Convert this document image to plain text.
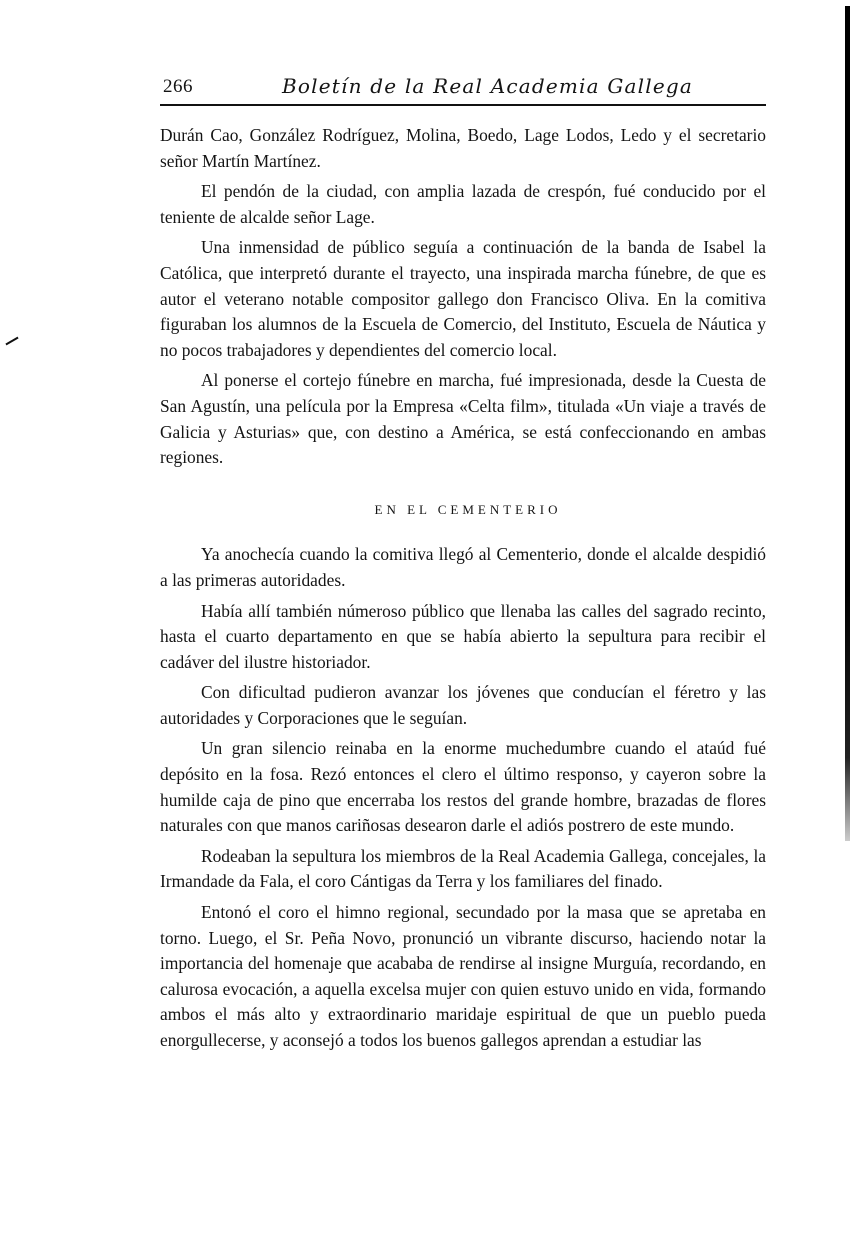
266	Boletín de la Real Academia Gallega

Durán Cao, González Rodríguez, Molina, Boedo, Lage Lodos, Ledo y el secretario señor Martín Martínez.

El pendón de la ciudad, con amplia lazada de crespón, fué conducido por el teniente de alcalde señor Lage.

Una inmensidad de público seguía a continuación de la banda de Isabel la Católica, que interpretó durante el trayecto, una inspirada marcha fúnebre, de que es autor el veterano notable compositor gallego don Francisco Oliva. En la comitiva figuraban los alumnos de la Escuela de Comercio, del Instituto, Escuela de Náutica y no pocos trabajadores y dependientes del comercio local.

Al ponerse el cortejo fúnebre en marcha, fué impresionada, desde la Cuesta de San Agustín, una película por la Empresa «Celta film», titulada «Un viaje a través de Galicia y Asturias» que, con destino a América, se está confeccionando en ambas regiones.

EN EL CEMENTERIO

Ya anochecía cuando la comitiva llegó al Cementerio, donde el alcalde despidió a las primeras autoridades.

Había allí también númeroso público que llenaba las calles del sagrado recinto, hasta el cuarto departamento en que se había abierto la sepultura para recibir el cadáver del ilustre historiador.

Con dificultad pudieron avanzar los jóvenes que conducían el féretro y las autoridades y Corporaciones que le seguían.

Un gran silencio reinaba en la enorme muchedumbre cuando el ataúd fué depósito en la fosa. Rezó entonces el clero el último responso, y cayeron sobre la humilde caja de pino que encerraba los restos del grande hombre, brazadas de flores naturales con que manos cariñosas desearon darle el adiós postrero de este mundo.

Rodeaban la sepultura los miembros de la Real Academia Gallega, concejales, la Irmandade da Fala, el coro Cántigas da Terra y los familiares del finado.

Entonó el coro el himno regional, secundado por la masa que se apretaba en torno. Luego, el Sr. Peña Novo, pronunció un vibrante discurso, haciendo notar la importancia del homenaje que acababa de rendirse al insigne Murguía, recordando, en calurosa evocación, a aquella excelsa mujer con quien estuvo unido en vida, formando ambos el más alto y extraordinario maridaje espiritual de que un pueblo pueda enorgullecerse, y aconsejó a todos los buenos gallegos aprendan a estudiar las
